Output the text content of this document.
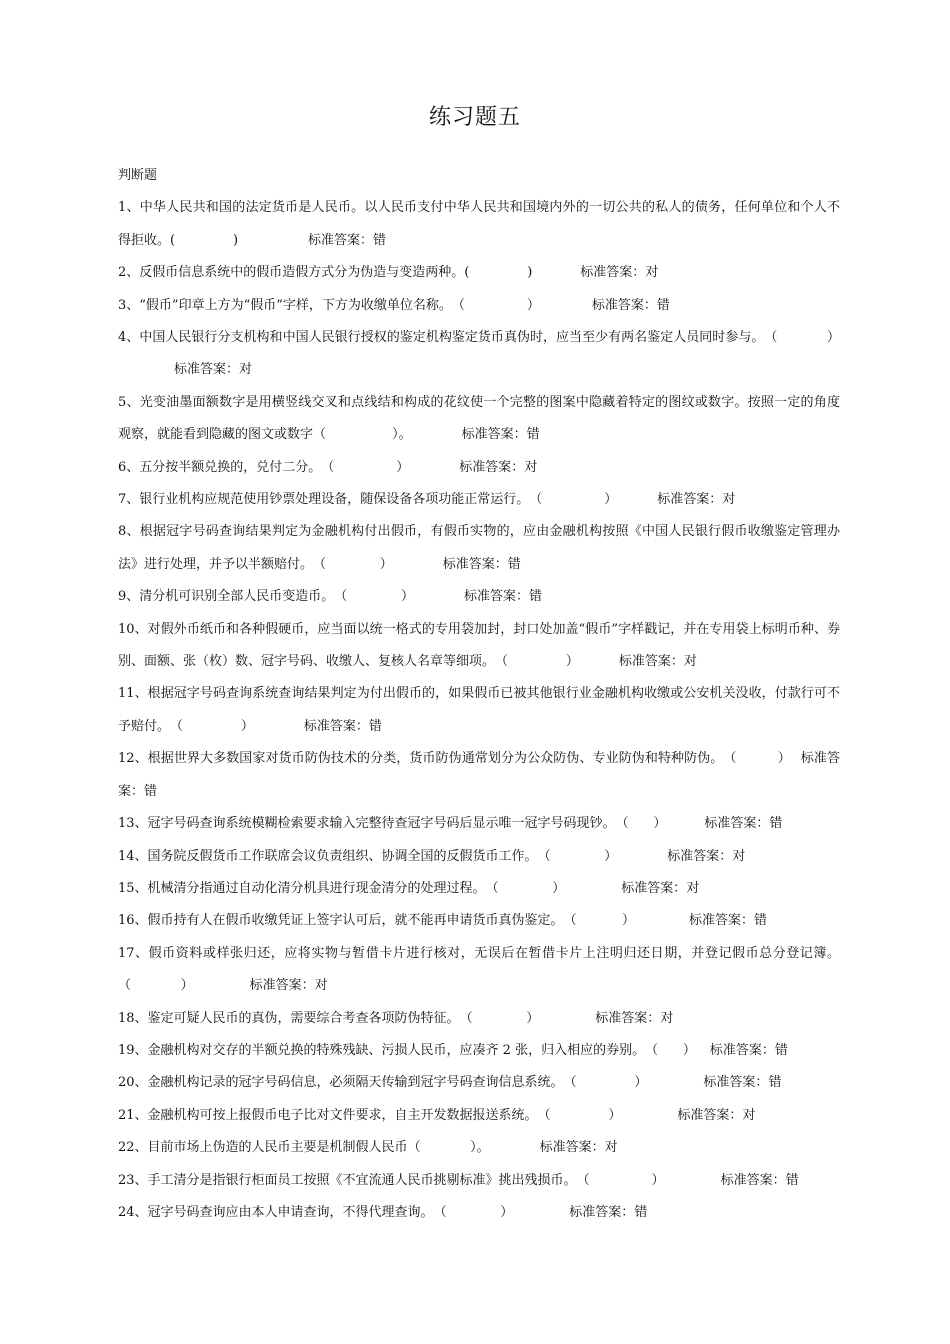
练习题五

判断题

1、中华人民共和国的法定货币是人民币。以人民币支付中华人民共和国境内外的一切公共的私人的债务，任何单位和个人不得拒收。(              )	标准答案：错

2、反假币信息系统中的假币造假方式分为伪造与变造两种。(              )	标准答案：对

3、“假币”印章上方为“假币”字样，下方为收缴单位名称。（               ）	标准答案：错

4、中国人民银行分支机构和中国人民银行授权的鉴定机构鉴定货币真伪时，应当至少有两名鉴定人员同时参与。（            ）标准答案：对

5、光变油墨面额数字是用横竖线交叉和点线结和构成的花纹使一个完整的图案中隐藏着特定的图纹或数字。按照一定的角度观察，就能看到隐藏的图文或数字（                ）。	标准答案：错

6、五分按半额兑换的，兑付二分。（               ）	标准答案：对

7、银行业机构应规范使用钞票处理设备，随保设备各项功能正常运行。（               ）	标准答案：对

8、根据冠字号码查询结果判定为金融机构付出假币，有假币实物的，应由金融机构按照《中国人民银行假币收缴鉴定管理办法》进行处理，并予以半额赔付。（             ）	标准答案：错

9、清分机可识别全部人民币变造币。（             ）	标准答案：错

10、对假外币纸币和各种假硬币，应当面以统一格式的专用袋加封，封口处加盖“假币”字样戳记，并在专用袋上标明币种、券别、面额、张（枚）数、冠字号码、收缴人、复核人名章等细项。（              ）	标准答案：对

11、根据冠字号码查询系统查询结果判定为付出假币的，如果假币已被其他银行业金融机构收缴或公安机关没收，付款行可不予赔付。（              ）	标准答案：错

12、根据世界大多数国家对货币防伪技术的分类，货币防伪通常划分为公众防伪、专业防伪和特种防伪。（          ） 标准答案：错

13、冠字号码查询系统模糊检索要求输入完整待查冠字号码后显示唯一冠字号码现钞。（      ）	标准答案：错

14、国务院反假货币工作联席会议负责组织、协调全国的反假货币工作。（             ）	标准答案：对

15、机械清分指通过自动化清分机具进行现金清分的处理过程。（             ）	标准答案：对

16、假币持有人在假币收缴凭证上签字认可后，就不能再申请货币真伪鉴定。（           ）	标准答案：错

17、假币资料或样张归还，应将实物与暂借卡片进行核对，无误后在暂借卡片上注明归还日期，并登记假币总分登记簿。（            ）	标准答案：对

18、鉴定可疑人民币的真伪，需要综合考查各项防伪特征。（             ）	标准答案：对

19、金融机构对交存的半额兑换的特殊残缺、污损人民币，应凑齐 2 张，归入相应的券别。（      ） 标准答案：错

20、金融机构记录的冠字号码信息，必须隔天传输到冠字号码查询信息系统。（              ）	标准答案：错

21、金融机构可按上报假币电子比对文件要求，自主开发数据报送系统。（              ）	标准答案：对

22、目前市场上伪造的人民币主要是机制假人民币（            ）。	标准答案：对

23、手工清分是指银行柜面员工按照《不宜流通人民币挑剔标准》挑出残损币。（               ）	标准答案：错

24、冠字号码查询应由本人申请查询，不得代理查询。（             ）	标准答案：错
